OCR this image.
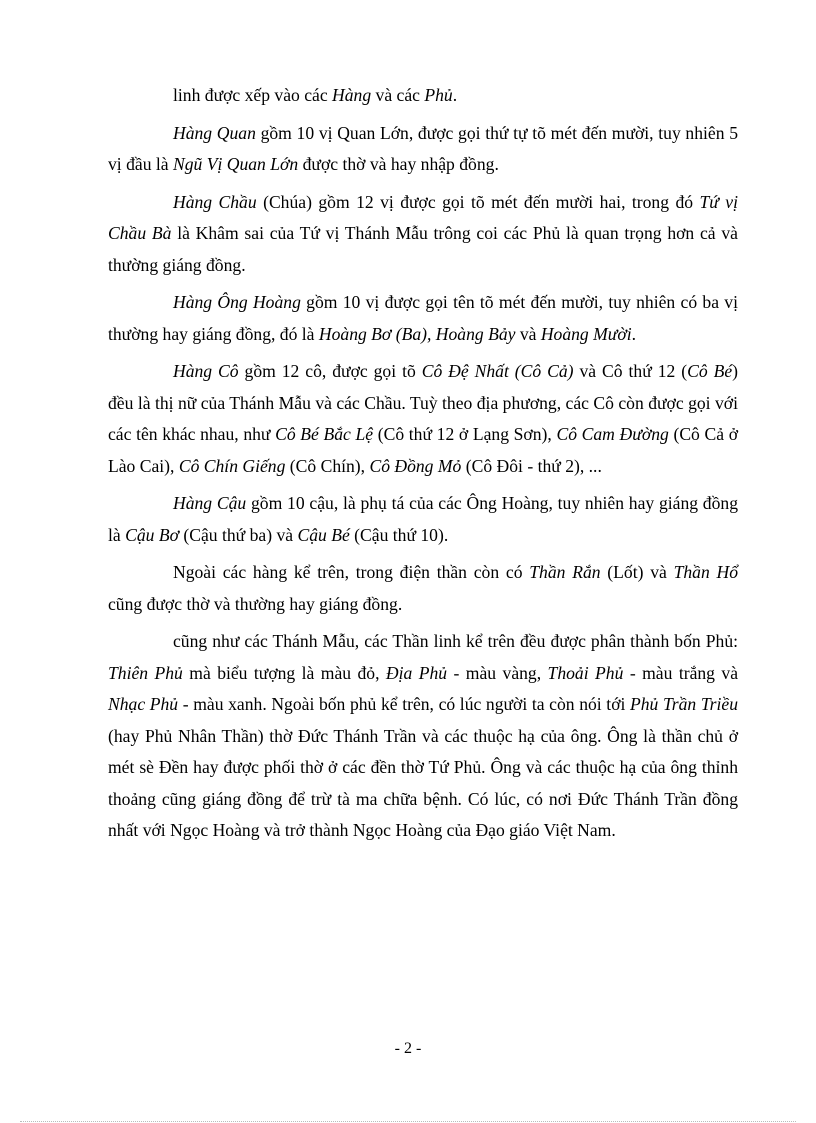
linh được xếp vào các Hàng và các Phủ.

Hàng Quan gồm 10 vị Quan Lớn, được gọi thứ tự tõ mét đến mười, tuy nhiên 5 vị đầu là Ngũ Vị Quan Lớn được thờ và hay nhập đồng.

Hàng Chầu (Chúa) gồm 12 vị được gọi tõ mét đến mười hai, trong đó Tứ vị Chầu Bà là Khâm sai của Tứ vị Thánh Mẫu trông coi các Phủ là quan trọng hơn cả và thường giáng đồng.

Hàng Ông Hoàng gồm 10 vị được gọi tên tõ mét đến mười, tuy nhiên có ba vị thường hay giáng đồng, đó là Hoàng Bơ (Ba), Hoàng Bảy và Hoàng Mười.

Hàng Cô gồm 12 cô, được gọi tõ Cô Đệ Nhất (Cô Cả) và Cô thứ 12 (Cô Bé) đều là thị nữ của Thánh Mẫu và các Chầu. Tuỳ theo địa phương, các Cô còn được gọi với các tên khác nhau, như Cô Bé Bắc Lệ (Cô thứ 12 ở Lạng Sơn), Cô Cam Đường (Cô Cả ở Lào Cai), Cô Chín Giếng (Cô Chín), Cô Đồng Mỏ (Cô Đôi - thứ 2), ...

Hàng Cậu gồm 10 cậu, là phụ tá của các Ông Hoàng, tuy nhiên hay giáng đồng là Cậu Bơ (Cậu thứ ba) và Cậu Bé (Cậu thứ 10).

Ngoài các hàng kể trên, trong điện thần còn có Thần Rắn (Lốt) và Thần Hổ cũng được thờ và thường hay giáng đồng.

cũng như các Thánh Mẫu, các Thần linh kể trên đều được phân thành bốn Phủ: Thiên Phủ mà biểu tượng là màu đỏ, Địa Phủ - màu vàng, Thoải Phủ - màu trắng và Nhạc Phủ - màu xanh. Ngoài bốn phủ kể trên, có lúc người ta còn nói tới Phủ Trần Triều (hay Phủ Nhân Thần) thờ Đức Thánh Trần và các thuộc hạ của ông. Ông là thần chủ ở mét sè Đền hay được phối thờ ở các đền thờ Tứ Phủ. Ông và các thuộc hạ của ông thỉnh thoảng cũng giáng đồng để trừ tà ma chữa bệnh. Có lúc, có nơi Đức Thánh Trần đồng nhất với Ngọc Hoàng và trở thành Ngọc Hoàng của Đạo giáo Việt Nam.

- 2 -
